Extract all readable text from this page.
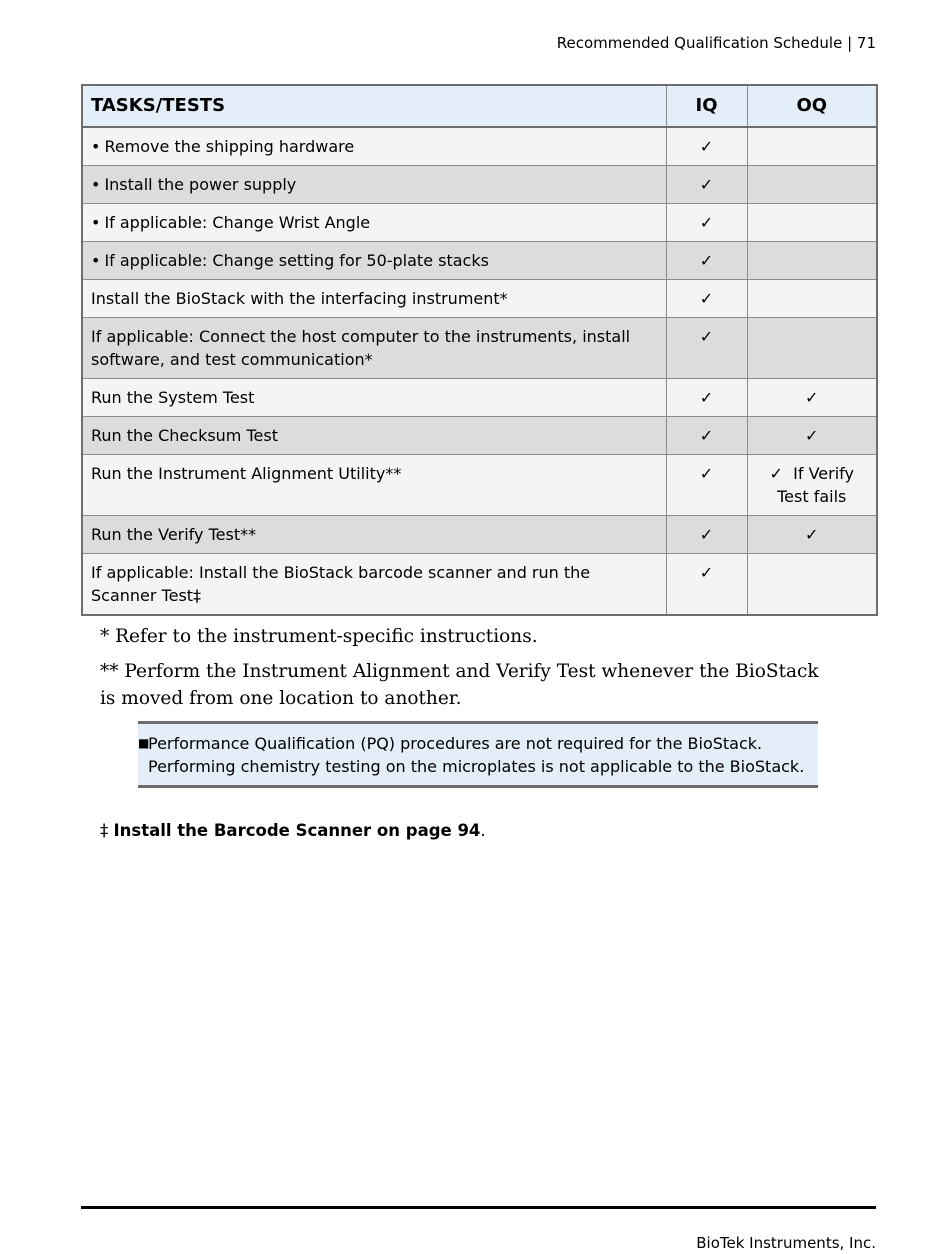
Recommended Qualification Schedule | 71
TASKS/TESTS	IQ	OQ
• Remove the shipping hardware	✓	
• Install the power supply	✓	
• If applicable: Change Wrist Angle	✓	
• If applicable: Change setting for 50-plate stacks	✓	
Install the BioStack with the interfacing instrument*	✓	
If applicable: Connect the host computer to the instruments, install software, and test communication*	✓	
Run the System Test	✓	✓
Run the Checksum Test	✓	✓
Run the Instrument Alignment Utility**	✓	✓ If Verify Test fails
Run the Verify Test**	✓	✓
If applicable: Install the BioStack barcode scanner and run the Scanner Test‡	✓	
* Refer to the instrument-specific instructions.
** Perform the Instrument Alignment and Verify Test whenever the BioStack is moved from one location to another.
■
Performance Qualification (PQ) procedures are not required for the BioStack. Performing chemistry testing on the microplates is not applicable to the BioStack.
‡ Install the Barcode Scanner on page 94.
BioTek Instruments, Inc.
